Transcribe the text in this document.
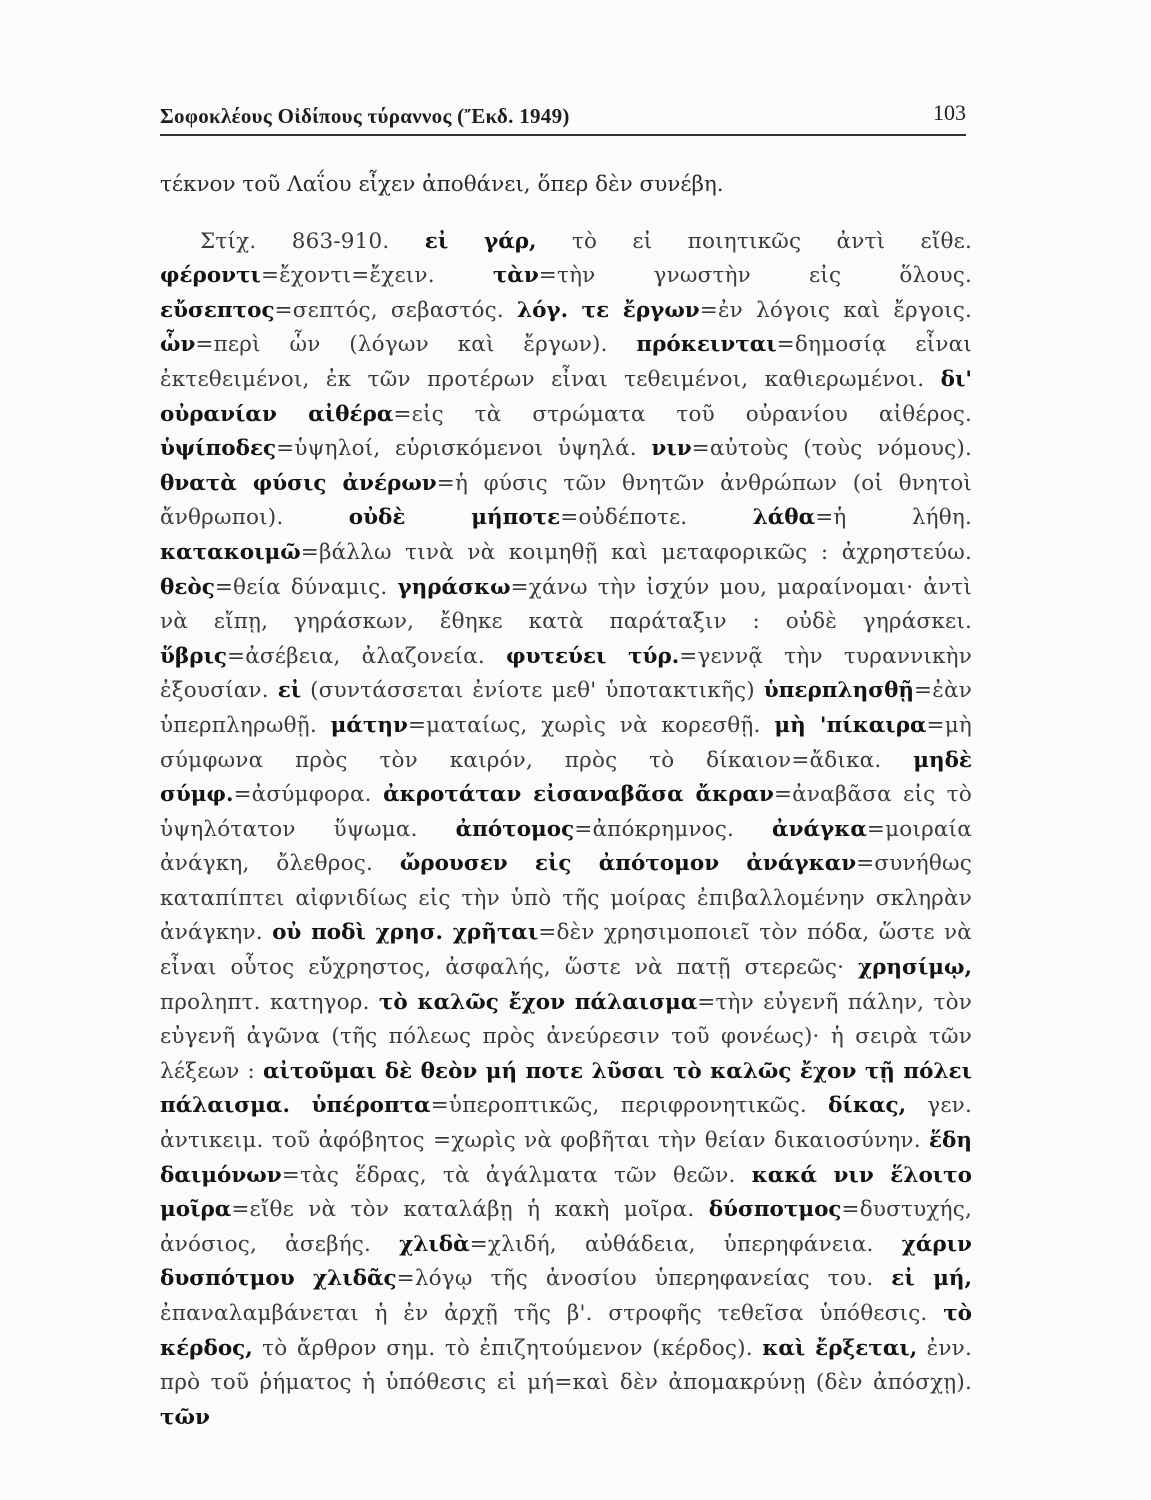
Σοφοκλέους Οἰδίπους τύραννος (Ἔκδ. 1949)	103

τέκνον τοῦ Λαΐου εἶχεν ἀποθάνει, ὅπερ δὲν συνέβη.

Στίχ. 863-910. εἰ γάρ, τὸ εἰ ποιητικῶς ἀντὶ εἴθε. φέροντι=ἔχοντι=ἔχειν. τὰν=τὴν γνωστὴν εἰς ὅλους. εὔσεπτος=σεπτός, σεβαστός. λόγ. τε ἔργων=ἐν λόγοις καὶ ἔργοις. ὧν=περὶ ὧν (λόγων καὶ ἔργων). πρόκεινται=δημοσίᾳ εἶναι ἐκτεθειμένοι, ἐκ τῶν προτέρων εἶναι τεθειμένοι, καθιερωμένοι. δι' οὐρανίαν αἰθέρα=εἰς τὰ στρώματα τοῦ οὐρανίου αἰθέρος. ὑψίποδες=ὑψηλοί, εὑρισκόμενοι ὑψηλά. νιν=αὐτοὺς (τοὺς νόμους). θνατὰ φύσις ἀνέρων=ἡ φύσις τῶν θνητῶν ἀνθρώπων (οἱ θνητοὶ ἄνθρωποι). οὐδὲ μήποτε=οὐδέποτε. λάθα=ἡ λήθη. κατακοιμῶ=βάλλω τινὰ νὰ κοιμηθῇ καὶ μεταφορικῶς : ἀχρηστεύω. θεὸς=θεία δύναμις. γηράσκω=χάνω τὴν ἰσχύν μου, μαραίνομαι· ἀντὶ νὰ εἴπῃ, γηράσκων, ἔθηκε κατὰ παράταξιν : οὐδὲ γηράσκει. ὕβρις=ἀσέβεια, ἀλαζονεία. φυτεύει τύρ.=γεννᾷ τὴν τυραννικὴν ἐξουσίαν. εἰ (συντάσσεται ἐνίοτε μεθ' ὑποτακτικῆς) ὑπερπλησθῇ=ἐὰν ὑπερπληρωθῇ. μάτην=ματαίως, χωρὶς νὰ κορεσθῇ. μὴ 'πίκαιρα=μὴ σύμφωνα πρὸς τὸν καιρόν, πρὸς τὸ δίκαιον=ἄδικα. μηδὲ σύμφ.=ἀσύμφορα. ἀκροτάταν εἰσαναβᾶσα ἄκραν=ἀναβᾶσα εἰς τὸ ὑψηλότατον ὕψωμα. ἀπότομος=ἀπόκρημνος. ἀνάγκα=μοιραία ἀνάγκη, ὄλεθρος. ὤρουσεν εἰς ἀπότομον ἀνάγκαν=συνήθως καταπίπτει αἰφνιδίως εἰς τὴν ὑπὸ τῆς μοίρας ἐπιβαλλομένην σκληρὰν ἀνάγκην. οὐ ποδὶ χρησ. χρῆται=δὲν χρησιμοποιεῖ τὸν πόδα, ὥστε νὰ εἶναι οὗτος εὔχρηστος, ἀσφαλής, ὥστε νὰ πατῇ στερεῶς· χρησίμῳ, προληπτ. κατηγορ. τὸ καλῶς ἔχον πάλαισμα=τὴν εὐγενῆ πάλην, τὸν εὐγενῆ ἀγῶνα (τῆς πόλεως πρὸς ἀνεύρεσιν τοῦ φονέως)· ἡ σειρὰ τῶν λέξεων : αἰτοῦμαι δὲ θεὸν μή ποτε λῦσαι τὸ καλῶς ἔχον τῇ πόλει πάλαισμα. ὑπέροπτα=ὑπεροπτικῶς, περιφρονητικῶς. δίκας, γεν. ἀντικειμ. τοῦ ἀφόβητος =χωρὶς νὰ φοβῆται τὴν θείαν δικαιοσύνην. ἕδη δαιμόνων=τὰς ἕδρας, τὰ ἀγάλματα τῶν θεῶν. κακά νιν ἕλοιτο μοῖρα=εἴθε νὰ τὸν καταλάβῃ ἡ κακὴ μοῖρα. δύσποτμος=δυστυχής, ἀνόσιος, ἀσεβής. χλιδὰ=χλιδή, αὐθάδεια, ὑπερηφάνεια. χάριν δυσπότμου χλιδᾶς=λόγῳ τῆς ἀνοσίου ὑπερηφανείας του. εἰ μή, ἐπαναλαμβάνεται ἡ ἐν ἀρχῇ τῆς β'. στροφῆς τεθεῖσα ὑπόθεσις. τὸ κέρδος, τὸ ἄρθρον σημ. τὸ ἐπιζητούμενον (κέρδος). καὶ ἔρξεται, ἐνν. πρὸ τοῦ ῥήματος ἡ ὑπόθεσις εἰ μή=καὶ δὲν ἀπομακρύνῃ (δὲν ἀπόσχῃ). τῶν
